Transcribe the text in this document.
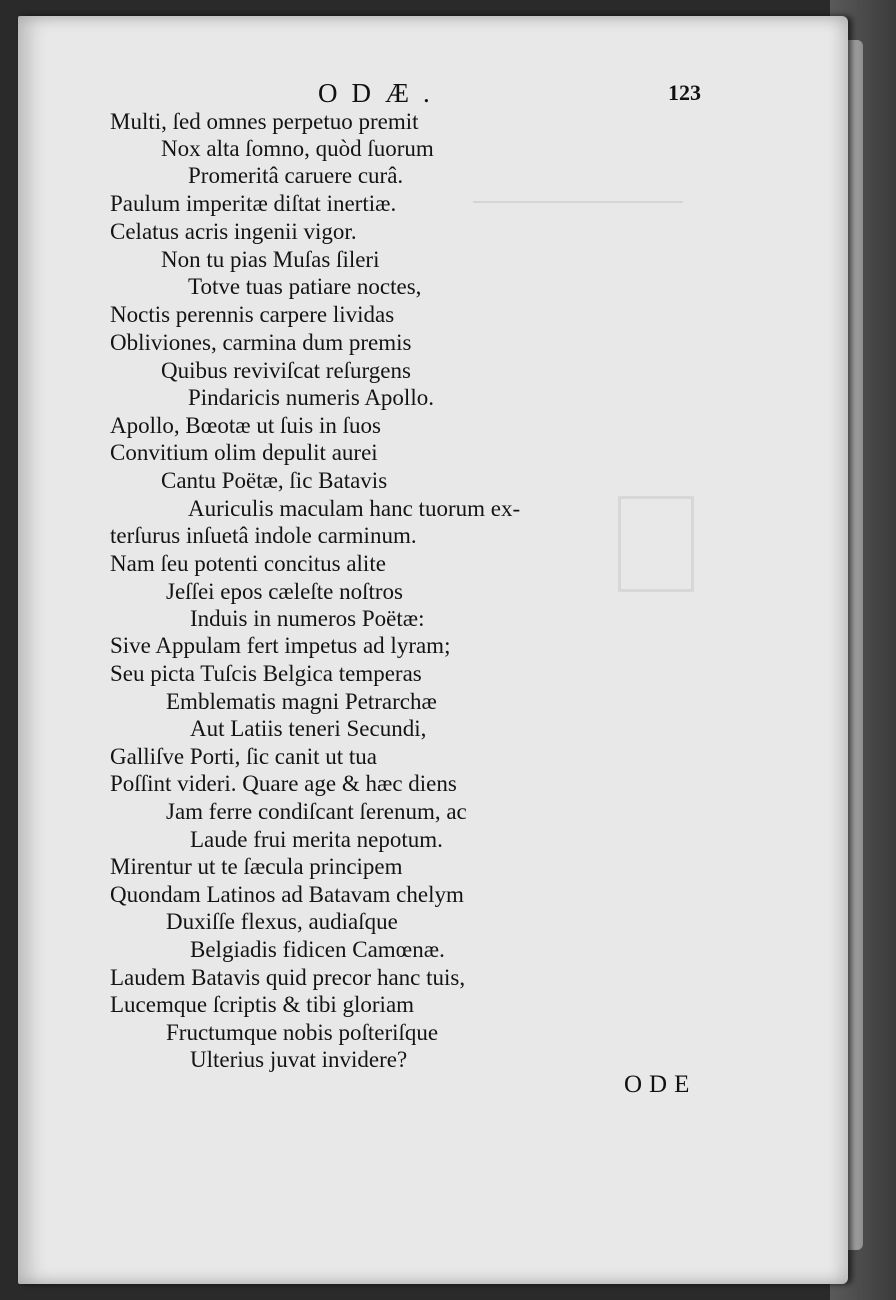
ODÆ.	123
Multi, ſed omnes perpetuo premit
Nox alta ſomno, quòd ſuorum
Promeritâ caruere curâ.
Paulum imperitæ diſtat inertiæ.
Celatus acris ingenii vigor.
Non tu pias Muſas ſileri
Totve tuas patiare noctes,
Noctis perennis carpere lividas
Obliviones, carmina dum premis
Quibus reviviſcat reſurgens
Pindaricis numeris Apollo.
Apollo, Bœotæ ut ſuis in ſuos
Convitium olim depulit aurei
Cantu Poëtæ, ſic Batavis
Auriculis maculam hanc tuorum ex-
terſurus inſuetâ indole carminum.
Nam ſeu potenti concitus alite
Jeſſei epos cæleſte noſtros
Induis in numeros Poëtæ:
Sive Appulam fert impetus ad lyram;
Seu picta Tuſcis Belgica temperas
Emblematis magni Petrarchæ
Aut Latiis teneri Secundi,
Galliſve Porti, ſic canit ut tua
Poſſint videri. Quare age & hæc diens
Jam ferre condiſcant ſerenum, ac
Laude frui merita nepotum.
Mirentur ut te ſæcula principem
Quondam Latinos ad Batavam chelym
Duxiſſe flexus, audiaſque
Belgiadis fidicen Camœnæ.
Laudem Batavis quid precor hanc tuis,
Lucemque ſcriptis & tibi gloriam
Fructumque nobis poſteriſque
Ulterius juvat invidere?
ODE
